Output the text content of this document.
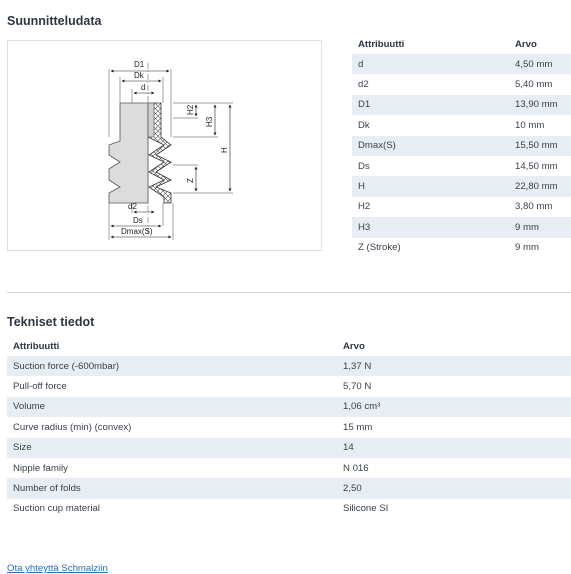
Suunnitteludata
D1
Dk
d
H2
H3
H
Z
d2
Ds
Dmax(S)
Attribuutti	Arvo
d	4,50 mm
d2	5,40 mm
D1	13,90 mm
Dk	10 mm
Dmax(S)	15,50 mm
Ds	14,50 mm
H	22,80 mm
H2	3,80 mm
H3	9 mm
Z (Stroke)	9 mm
Tekniset tiedot
Attribuutti	Arvo
Suction force (-600mbar)	1,37 N
Pull-off force	5,70 N
Volume	1,06 cm³
Curve radius (min) (convex)	15 mm
Size	14
Nipple family	N 016
Number of folds	2,50
Suction cup material	Silicone SI
Ota yhteyttä Schmalziin
